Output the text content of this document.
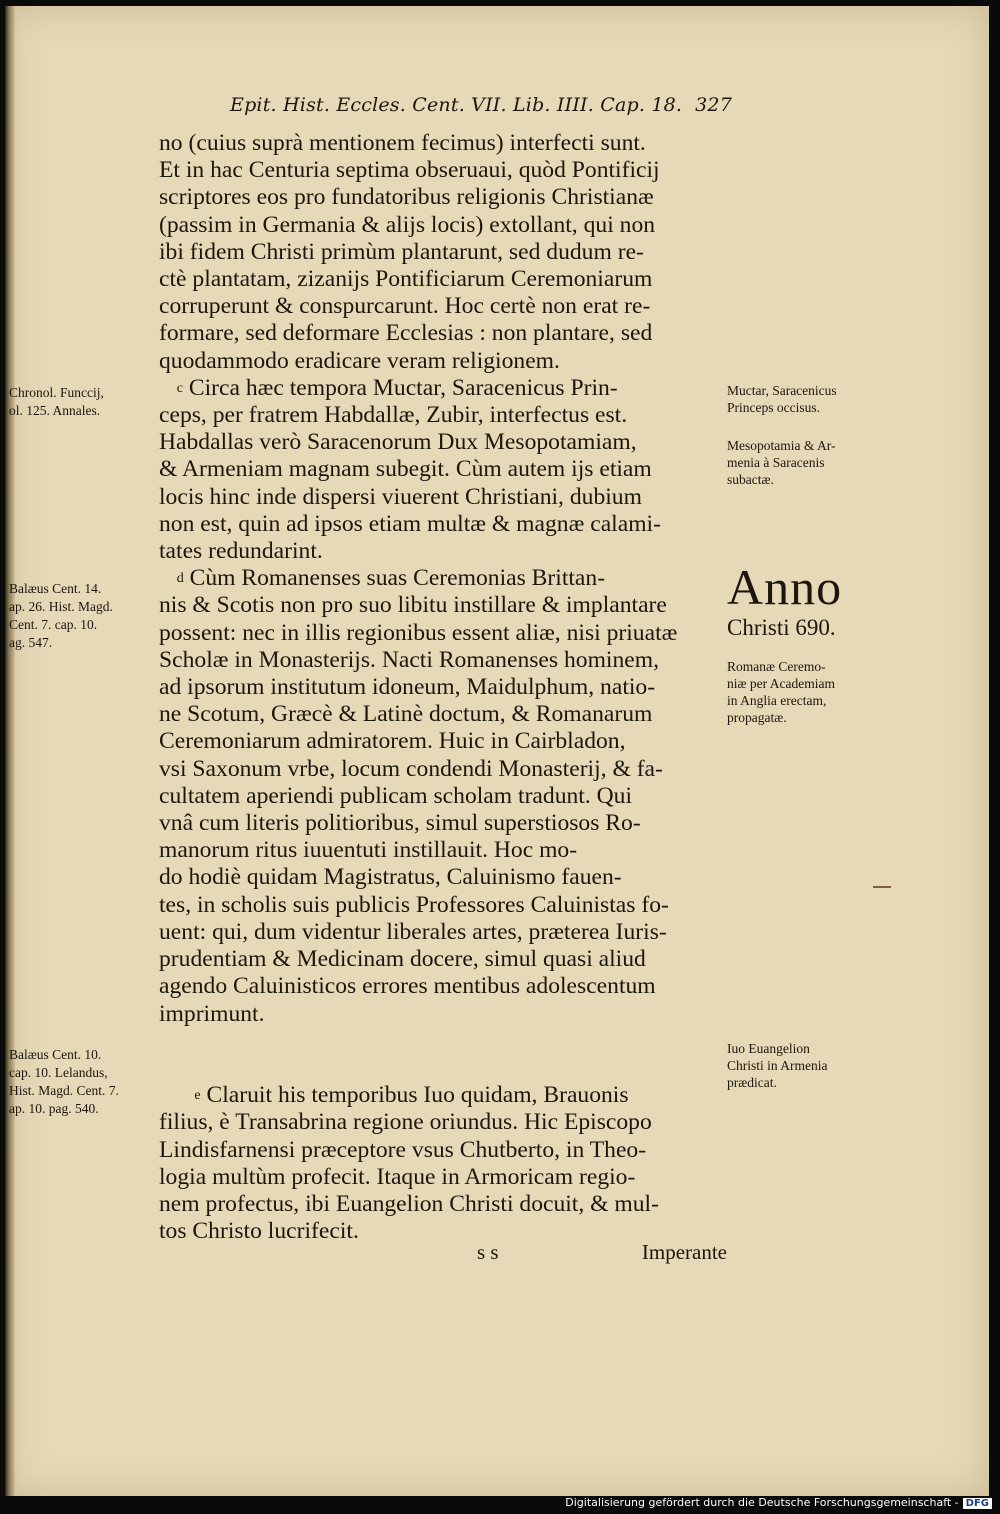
Epit. Hist. Eccles. Cent. VII. Lib. IIII. Cap. 18. 327
no (cuius suprà mentionem fecimus) interfecti sunt.
Et in hac Centuria septima obseruaui, quòd Pontificij
scriptores eos pro fundatoribus religionis Christianæ
(passim in Germania & alijs locis) extollant, qui non
ibi fidem Christi primùm plantarunt, sed dudum re-
ctè plantatam, zizanijs Pontificiarum Ceremoniarum
corruperunt & conspurcarunt. Hoc certè non erat re-
formare, sed deformare Ecclesias : non plantare, sed
quodammodo eradicare veram religionem.
$^c$ Circa hæc tempora Muctar, Saracenicus Prin-
ceps, per fratrem Habdallæ, Zubir, interfectus est.
Habdallas verò Saracenorum Dux Mesopotamiam,
& Armeniam magnam subegit. Cùm autem ijs etiam
locis hinc inde dispersi viuerent Christiani, dubium
non est, quin ad ipsos etiam multæ & magnæ calami-
tates redundarint.
$^d$ Cùm Romanenses suas Ceremonias Brittan-
nis & Scotis non pro suo libitu instillare & implantare
possent: nec in illis regionibus essent aliæ, nisi priuatæ
Scholæ in Monasterijs. Nacti Romanenses hominem,
ad ipsorum institutum idoneum, Maidulphum, natio-
ne Scotum, Græcè & Latinè doctum, & Romanarum
Ceremoniarum admiratorem. Huic in Cairbladon,
vsi Saxonum vrbe, locum condendi Monasterij, & fa-
cultatem aperiendi publicam scholam tradunt. Qui
vnâ cum literis politioribus, simul superstiosos Ro-
manorum ritus iuuentuti instillauit. Hoc mo-
do hodiè quidam Magistratus, Caluinismo fauen-
tes, in scholis suis publicis Professores Caluinistas fo-
uent: qui, dum videntur liberales artes, præterea Iuris-
prudentiam & Medicinam docere, simul quasi aliud
agendo Caluinisticos errores mentibus adolescentum
imprimunt.

$^e$ Claruit his temporibus Iuo quidam, Brauonis
filius, è Transabrina regione oriundus. Hic Episcopo
Lindisfarnensi præceptore vsus Chutberto, in Theo-
logia multùm profecit. Itaque in Armoricam regio-
nem profectus, ibi Euangelion Christi docuit, & mul-
tos Christo lucrifecit.
Chronol. Funccij,
ol. 125. Annales.
Balæus Cent. 14.
ap. 26. Hist. Magd.
Cent. 7. cap. 10.
ag. 547.
Balæus Cent. 10.
cap. 10. Lelandus,
Hist. Magd. Cent. 7.
ap. 10. pag. 540.
Muctar, Saracenicus
Princeps occisus.
Mesopotamia & Ar-
menia à Saracenis
subactæ.
Anno
Christi 690.
Romanæ Ceremo-
niæ per Academiam
in Anglia erectam,
propagatæ.
Iuo Euangelion
Christi in Armenia
prædicat.
s s	Imperante
Digitalisierung gefördert durch die Deutsche Forschungsgemeinschaft - DFG
